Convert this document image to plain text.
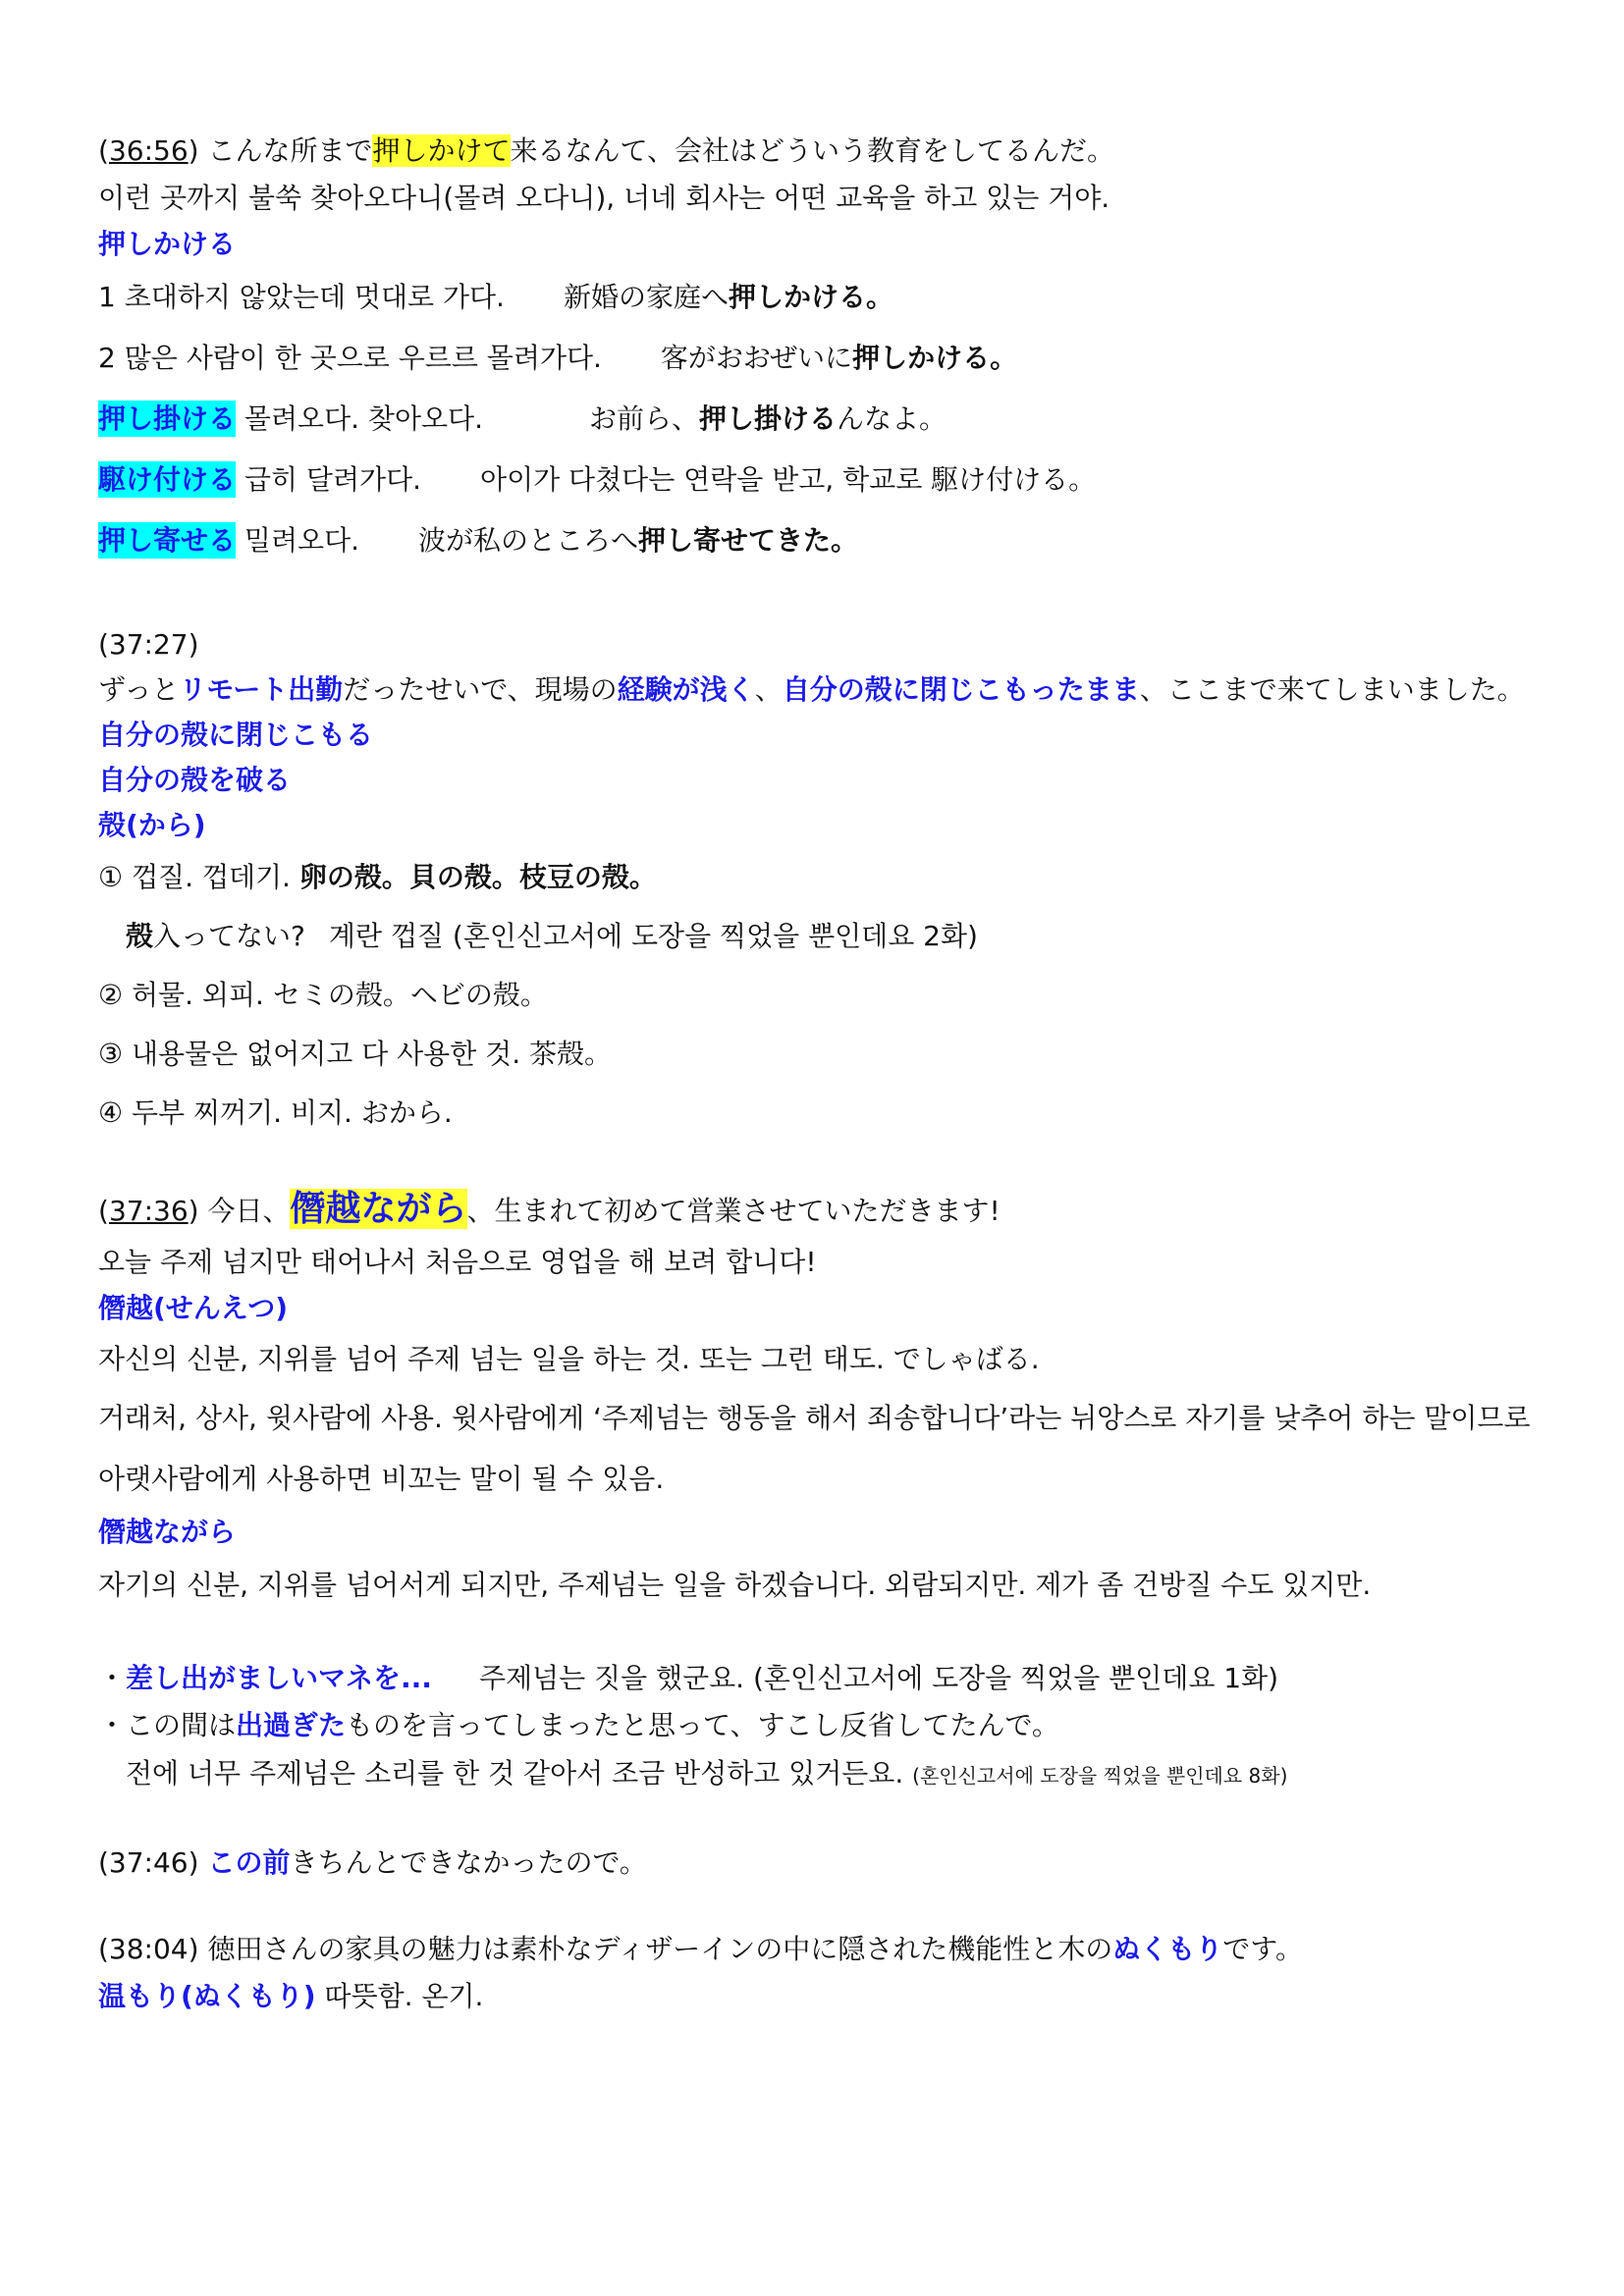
(36:56) こんな所まで押しかけて来るなんて、会社はどういう教育をしてるんだ。
이런 곳까지 불쑥 찾아오다니(몰려 오다니), 너네 회사는 어떤 교육을 하고 있는 거야.
押しかける
1 초대하지 않았는데 멋대로 가다. 新婚の家庭へ押しかける。
2 많은 사람이 한 곳으로 우르르 몰려가다. 客がおおぜいに押しかける。
押し掛ける 몰려오다. 찾아오다.	お前ら、押し掛けるんなよ。
駆け付ける 급히 달려가다. 아이가 다쳤다는 연락을 받고, 학교로 駆け付ける。
押し寄せる 밀려오다. 波が私のところへ押し寄せてきた。
(37:27)
ずっとリモート出勤だったせいで、現場の経験が浅く、自分の殻に閉じこもったまま、ここまで来てしまいました。
自分の殻に閉じこもる
自分の殻を破る
殻(から)
① 껍질. 껍데기. 卵の殻。貝の殻。枝豆の殻。
殻入ってない? 계란 껍질 (혼인신고서에 도장을 찍었을 뿐인데요 2화)
② 허물. 외피. セミの殻。ヘビの殻。
③ 내용물은 없어지고 다 사용한 것. 茶殻。
④ 두부 찌꺼기. 비지. おから.
(37:36) 今日、僭越ながら、生まれて初めて営業させていただきます!
오늘 주제 넘지만 태어나서 처음으로 영업을 해 보려 합니다!
僭越(せんえつ)
자신의 신분, 지위를 넘어 주제 넘는 일을 하는 것. 또는 그런 태도. でしゃばる.
거래처, 상사, 윗사람에 사용. 윗사람에게 ‘주제넘는 행동을 해서 죄송합니다’라는 뉘앙스로 자기를 낮추어 하는 말이므로 아랫사람에게 사용하면 비꼬는 말이 될 수 있음.
僭越ながら
자기의 신분, 지위를 넘어서게 되지만, 주제넘는 일을 하겠습니다. 외람되지만. 제가 좀 건방질 수도 있지만.
・差し出がましいマネを... 주제넘는 짓을 했군요. (혼인신고서에 도장을 찍었을 뿐인데요 1화)
・この間は出過ぎたものを言ってしまったと思って、すこし反省してたんで。
전에 너무 주제넘은 소리를 한 것 같아서 조금 반성하고 있거든요. (혼인신고서에 도장을 찍었을 뿐인데요 8화)
(37:46) この前きちんとできなかったので。
(38:04) 徳田さんの家具の魅力は素朴なディザーインの中に隠された機能性と木のぬくもりです。
温もり(ぬくもり) 따뜻함. 온기.
